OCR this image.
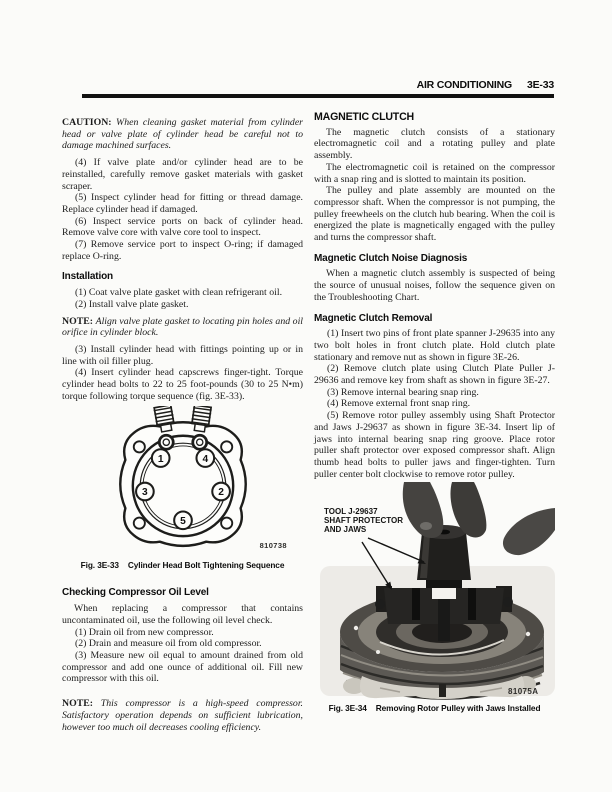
AIR CONDITIONING 3E-33

CAUTION: When cleaning gasket material from cylinder head or valve plate of cylinder head be careful not to damage machined surfaces.

(4) If valve plate and/or cylinder head are to be reinstalled, carefully remove gasket materials with gasket scraper.

(5) Inspect cylinder head for fitting or thread damage. Replace cylinder head if damaged.

(6) Inspect service ports on back of cylinder head. Remove valve core with valve core tool to inspect.

(7) Remove service port to inspect O-ring; if damaged replace O-ring.

Installation

(1) Coat valve plate gasket with clean refrigerant oil.

(2) Install valve plate gasket.

NOTE: Align valve plate gasket to locating pin holes and oil orifice in cylinder block.

(3) Install cylinder head with fittings pointing up or in line with oil filler plug.

(4) Insert cylinder head capscrews finger-tight. Torque cylinder head bolts to 22 to 25 foot-pounds (30 to 25 N•m) torque following torque sequence (fig. 3E-33).

1	4
3	2
5
810738
Fig. 3E-33 Cylinder Head Bolt Tightening Sequence
Checking Compressor Oil Level

When replacing a compressor that contains uncontaminated oil, use the following oil level check.

(1) Drain oil from new compressor.

(2) Drain and measure oil from old compressor.

(3) Measure new oil equal to amount drained from old compressor and add one ounce of additional oil. Fill new compressor with this oil.

NOTE: This compressor is a high-speed compressor. Satisfactory operation depends on sufficient lubrication, however too much oil decreases cooling efficiency.

MAGNETIC CLUTCH

The magnetic clutch consists of a stationary electromagnetic coil and a rotating pulley and plate assembly.

The electromagnetic coil is retained on the compressor with a snap ring and is slotted to maintain its position.

The pulley and plate assembly are mounted on the compressor shaft. When the compressor is not pumping, the pulley freewheels on the clutch hub bearing. When the coil is energized the plate is magnetically engaged with the pulley and turns the compressor shaft.

Magnetic Clutch Noise Diagnosis

When a magnetic clutch assembly is suspected of being the source of unusual noises, follow the sequence given on the Troubleshooting Chart.

Magnetic Clutch Removal

(1) Insert two pins of front plate spanner J-29635 into any two bolt holes in front clutch plate. Hold clutch plate stationary and remove nut as shown in figure 3E-26.

(2) Remove clutch plate using Clutch Plate Puller J-29636 and remove key from shaft as shown in figure 3E-27.

(3) Remove internal bearing snap ring.

(4) Remove external front snap ring.

(5) Remove rotor pulley assembly using Shaft Protector and Jaws J-29637 as shown in figure 3E-34. Insert lip of jaws into internal bearing snap ring groove. Place rotor puller shaft protector over exposed compressor shaft. Align thumb head bolts to puller jaws and finger-tighten. Turn puller center bolt clockwise to remove rotor pulley.

TOOL J-29637
SHAFT PROTECTOR
AND JAWS
81075A
Fig. 3E-34 Removing Rotor Pulley with Jaws Installed
